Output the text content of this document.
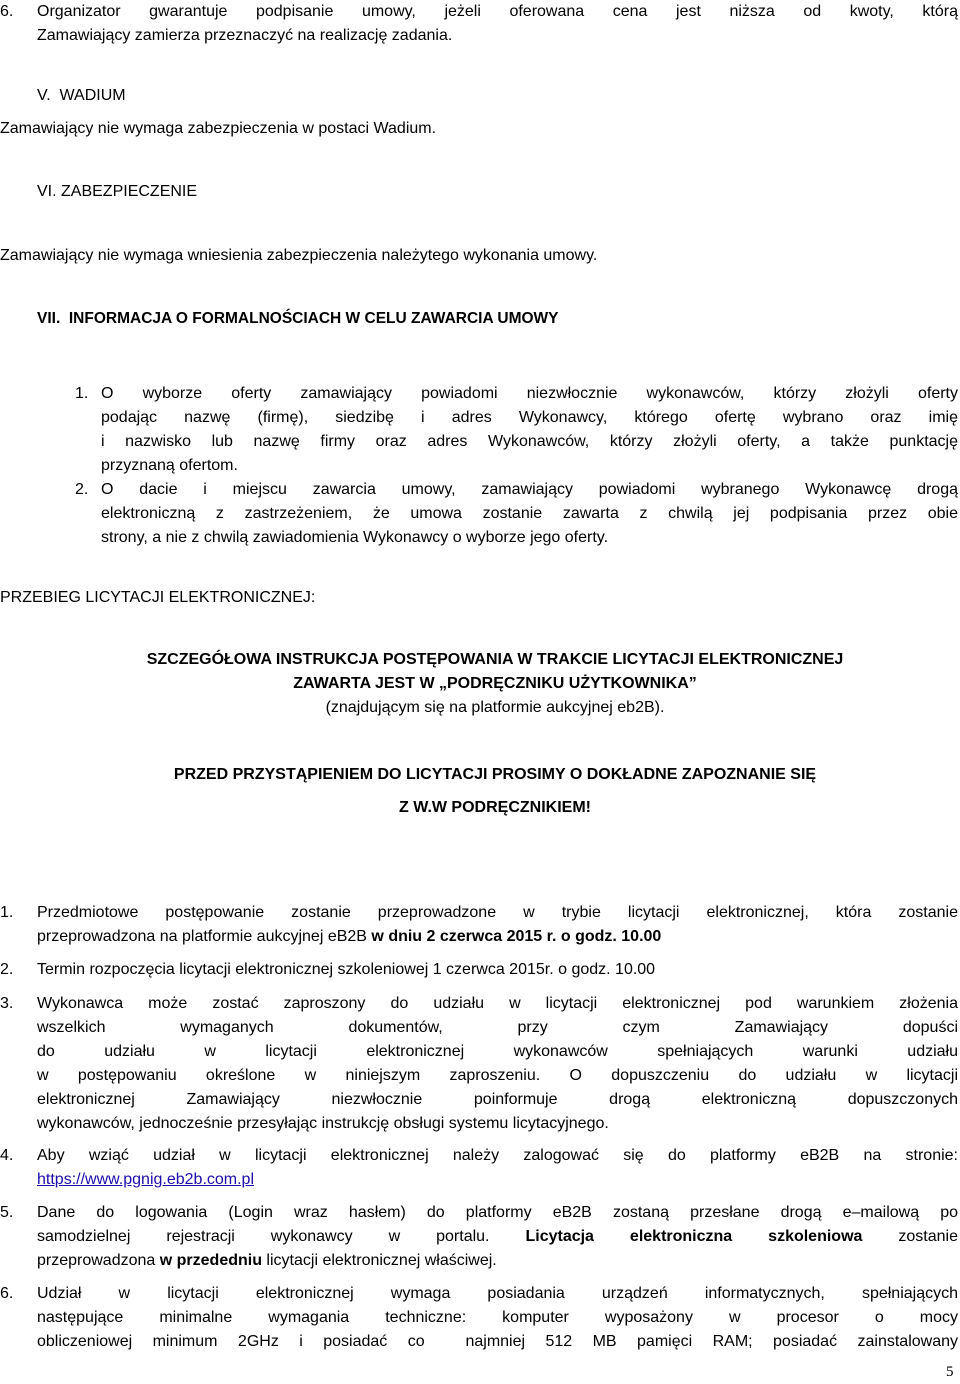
6. Organizator gwarantuje podpisanie umowy, jeżeli oferowana cena jest niższa od kwoty, którą
Zamawiający zamierza przeznaczyć na realizację zadania.
V.  WADIUM
Zamawiający nie wymaga zabezpieczenia w postaci Wadium.
VI. ZABEZPIECZENIE
Zamawiający nie wymaga wniesienia zabezpieczenia należytego wykonania umowy.
VII.  INFORMACJA O FORMALNOŚCIACH W CELU ZAWARCIA UMOWY
1. O wyborze oferty zamawiający powiadomi niezwłocznie wykonawców, którzy złożyli oferty
podając nazwę (firmę), siedzibę i adres Wykonawcy, którego ofertę wybrano oraz imię
i nazwisko lub nazwę firmy oraz adres Wykonawców, którzy złożyli oferty, a także punktację
przyznaną ofertom.
2. O dacie i miejscu zawarcia umowy, zamawiający powiadomi wybranego Wykonawcę drogą
elektroniczną z zastrzeżeniem, że umowa zostanie zawarta z chwilą jej podpisania przez obie
strony, a nie z chwilą zawiadomienia Wykonawcy o wyborze jego oferty.
PRZEBIEG LICYTACJI ELEKTRONICZNEJ:
SZCZEGÓŁOWA INSTRUKCJA POSTĘPOWANIA W TRAKCIE LICYTACJI ELEKTRONICZNEJ
ZAWARTA JEST W „PODRĘCZNIKU UŻYTKOWNIKA”
(znajdującym się na platformie aukcyjnej eb2B).
PRZED PRZYSTĄPIENIEM DO LICYTACJI PROSIMY O DOKŁADNE ZAPOZNANIE SIĘ
Z W.W PODRĘCZNIKIEM!
1. Przedmiotowe postępowanie zostanie przeprowadzone w trybie licytacji elektronicznej, która zostanie
przeprowadzona na platformie aukcyjnej eB2B w dniu 2 czerwca 2015 r. o godz. 10.00
2. Termin rozpoczęcia licytacji elektronicznej szkoleniowej 1 czerwca 2015r. o godz. 10.00
3. Wykonawca może zostać zaproszony do udziału w licytacji elektronicznej pod warunkiem złożenia
wszelkich wymaganych dokumentów, przy czym Zamawiający dopuści
do udziału w licytacji elektronicznej wykonawców spełniających warunki udziału
w postępowaniu określone w niniejszym zaproszeniu. O dopuszczeniu do udziału w licytacji
elektronicznej Zamawiający niezwłocznie poinformuje drogą elektroniczną dopuszczonych
wykonawców, jednocześnie przesyłając instrukcję obsługi systemu licytacyjnego.
4. Aby wziąć udział w licytacji elektronicznej należy zalogować się do platformy eB2B na stronie:
https://www.pgnig.eb2b.com.pl
5. Dane do logowania (Login wraz hasłem) do platformy eB2B zostaną przesłane drogą e–mailową po
samodzielnej rejestracji wykonawcy w portalu. Licytacja elektroniczna szkoleniowa zostanie
przeprowadzona w przededniu licytacji elektronicznej właściwej.
6. Udział w licytacji elektronicznej wymaga posiadania urządzeń informatycznych, spełniających
następujące minimalne wymagania techniczne: komputer wyposażony w procesor o mocy
obliczeniowej minimum 2GHz i posiadać co  najmniej 512 MB pamięci RAM; posiadać zainstalowany
5
